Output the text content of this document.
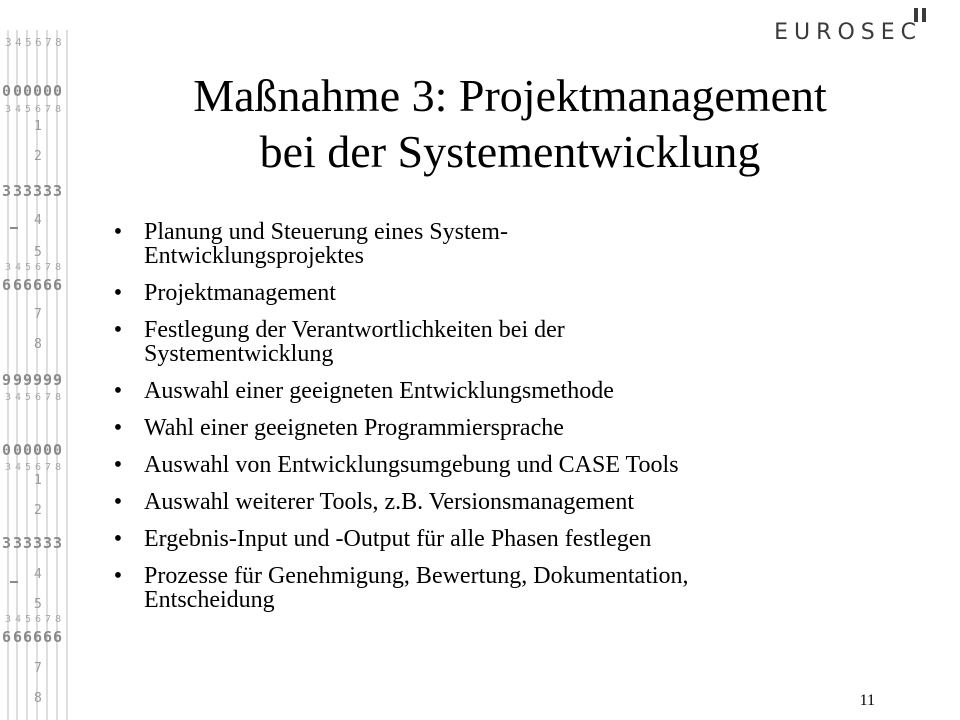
3 4 5 6 7 8
0 0 0 0 0 0
3 3 3 3 3 3
6 6 6 6 6 6
9 9 9 9 9 9
0 0 0 0 0 0
3 3 3 3 3 3
6 6 6 6 6 6
3 4 5 6 7 8
3 4 5 6 7 8
3 4 5 6 7 8
3 4 5 6 7 8
3 4 5 6 7 8
1
2
4
5
7
8
1
2
4
5
7
8
EUROSEC
Maßnahme 3: Projektmanagement
bei der Systementwicklung
• Planung und Steuerung eines System-
Entwicklungsprojektes
• Projektmanagement
• Festlegung der Verantwortlichkeiten bei der
Systementwicklung
• Auswahl einer geeigneten Entwicklungsmethode
• Wahl einer geeigneten Programmiersprache
• Auswahl von Entwicklungsumgebung und CASE Tools
• Auswahl weiterer Tools, z.B. Versionsmanagement
• Ergebnis-Input und -Output für alle Phasen festlegen
• Prozesse für Genehmigung, Bewertung, Dokumentation,
Entscheidung
11
